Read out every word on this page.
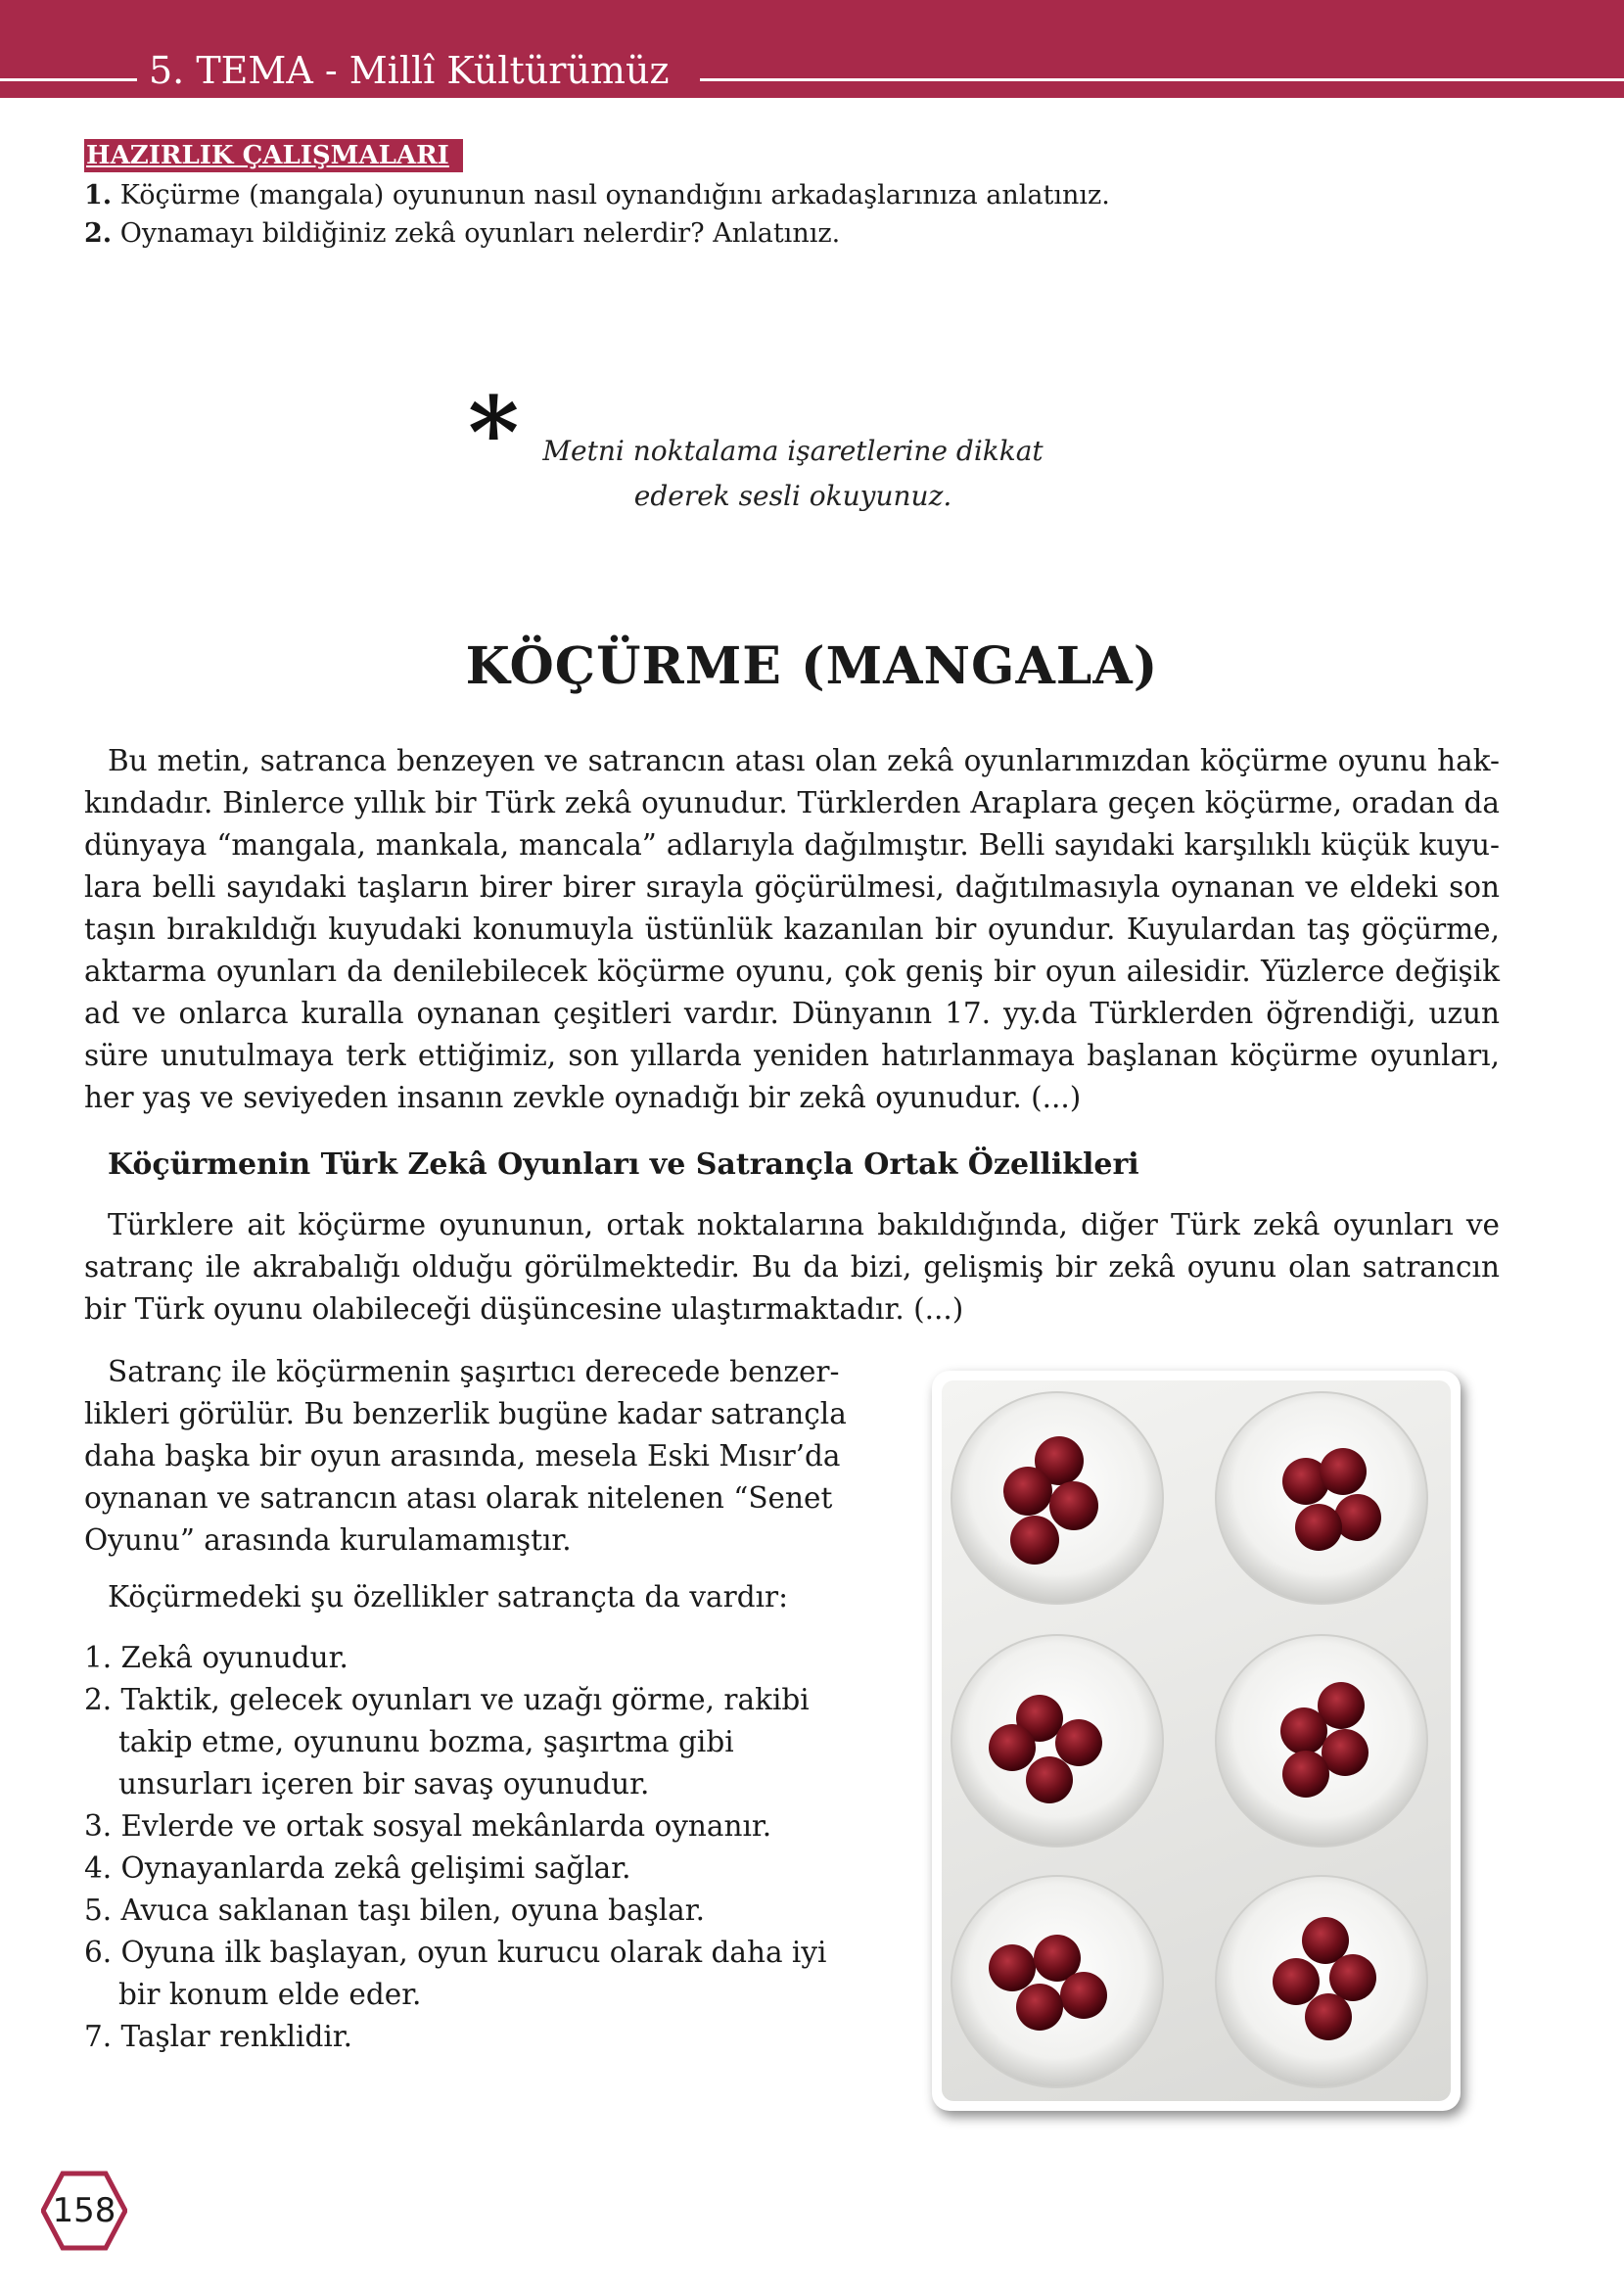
5. TEMA - Millî Kültürümüz
HAZIRLIK ÇALIŞMALARI
1. Köçürme (mangala) oyununun nasıl oynandığını arkadaşlarınıza anlatınız.
2. Oynamayı bildiğiniz zekâ oyunları nelerdir? Anlatınız.
* Metni noktalama işaretlerine dikkat
ederek sesli okuyunuz.
KÖÇÜRME (MANGALA)
Bu metin, satranca benzeyen ve satrancın atası olan zekâ oyunlarımızdan köçürme oyunu hak-
kındadır. Binlerce yıllık bir Türk zekâ oyunudur. Türklerden Araplara geçen köçürme, oradan da
dünyaya “mangala, mankala, mancala” adlarıyla dağılmıştır. Belli sayıdaki karşılıklı küçük kuyu-
lara belli sayıdaki taşların birer birer sırayla göçürülmesi, dağıtılmasıyla oynanan ve eldeki son
taşın bırakıldığı kuyudaki konumuyla üstünlük kazanılan bir oyundur. Kuyulardan taş göçürme,
aktarma oyunları da denilebilecek köçürme oyunu, çok geniş bir oyun ailesidir. Yüzlerce değişik
ad ve onlarca kuralla oynanan çeşitleri vardır. Dünyanın 17. yy.da Türklerden öğrendiği, uzun
süre unutulmaya terk ettiğimiz, son yıllarda yeniden hatırlanmaya başlanan köçürme oyunları,
her yaş ve seviyeden insanın zevkle oynadığı bir zekâ oyunudur. (...)
Köçürmenin Türk Zekâ Oyunları ve Satrançla Ortak Özellikleri
Türklere ait köçürme oyununun, ortak noktalarına bakıldığında, diğer Türk zekâ oyunları ve
satranç ile akrabalığı olduğu görülmektedir. Bu da bizi, gelişmiş bir zekâ oyunu olan satrancın
bir Türk oyunu olabileceği düşüncesine ulaştırmaktadır. (...)
Satranç ile köçürmenin şaşırtıcı derecede benzer-
likleri görülür. Bu benzerlik bugüne kadar satrançla
daha başka bir oyun arasında, mesela Eski Mısır’da
oynanan ve satrancın atası olarak nitelenen “Senet
Oyunu” arasında kurulamamıştır.
Köçürmedeki şu özellikler satrançta da vardır:
1. Zekâ oyunudur.
2. Taktik, gelecek oyunları ve uzağı görme, rakibi takip etme, oyununu bozma, şaşırtma gibi unsurları içeren bir savaş oyunudur.
3. Evlerde ve ortak sosyal mekânlarda oynanır.
4. Oynayanlarda zekâ gelişimi sağlar.
5. Avuca saklanan taşı bilen, oyuna başlar.
6. Oyuna ilk başlayan, oyun kurucu olarak daha iyi bir konum elde eder.
7. Taşlar renklidir.
158
